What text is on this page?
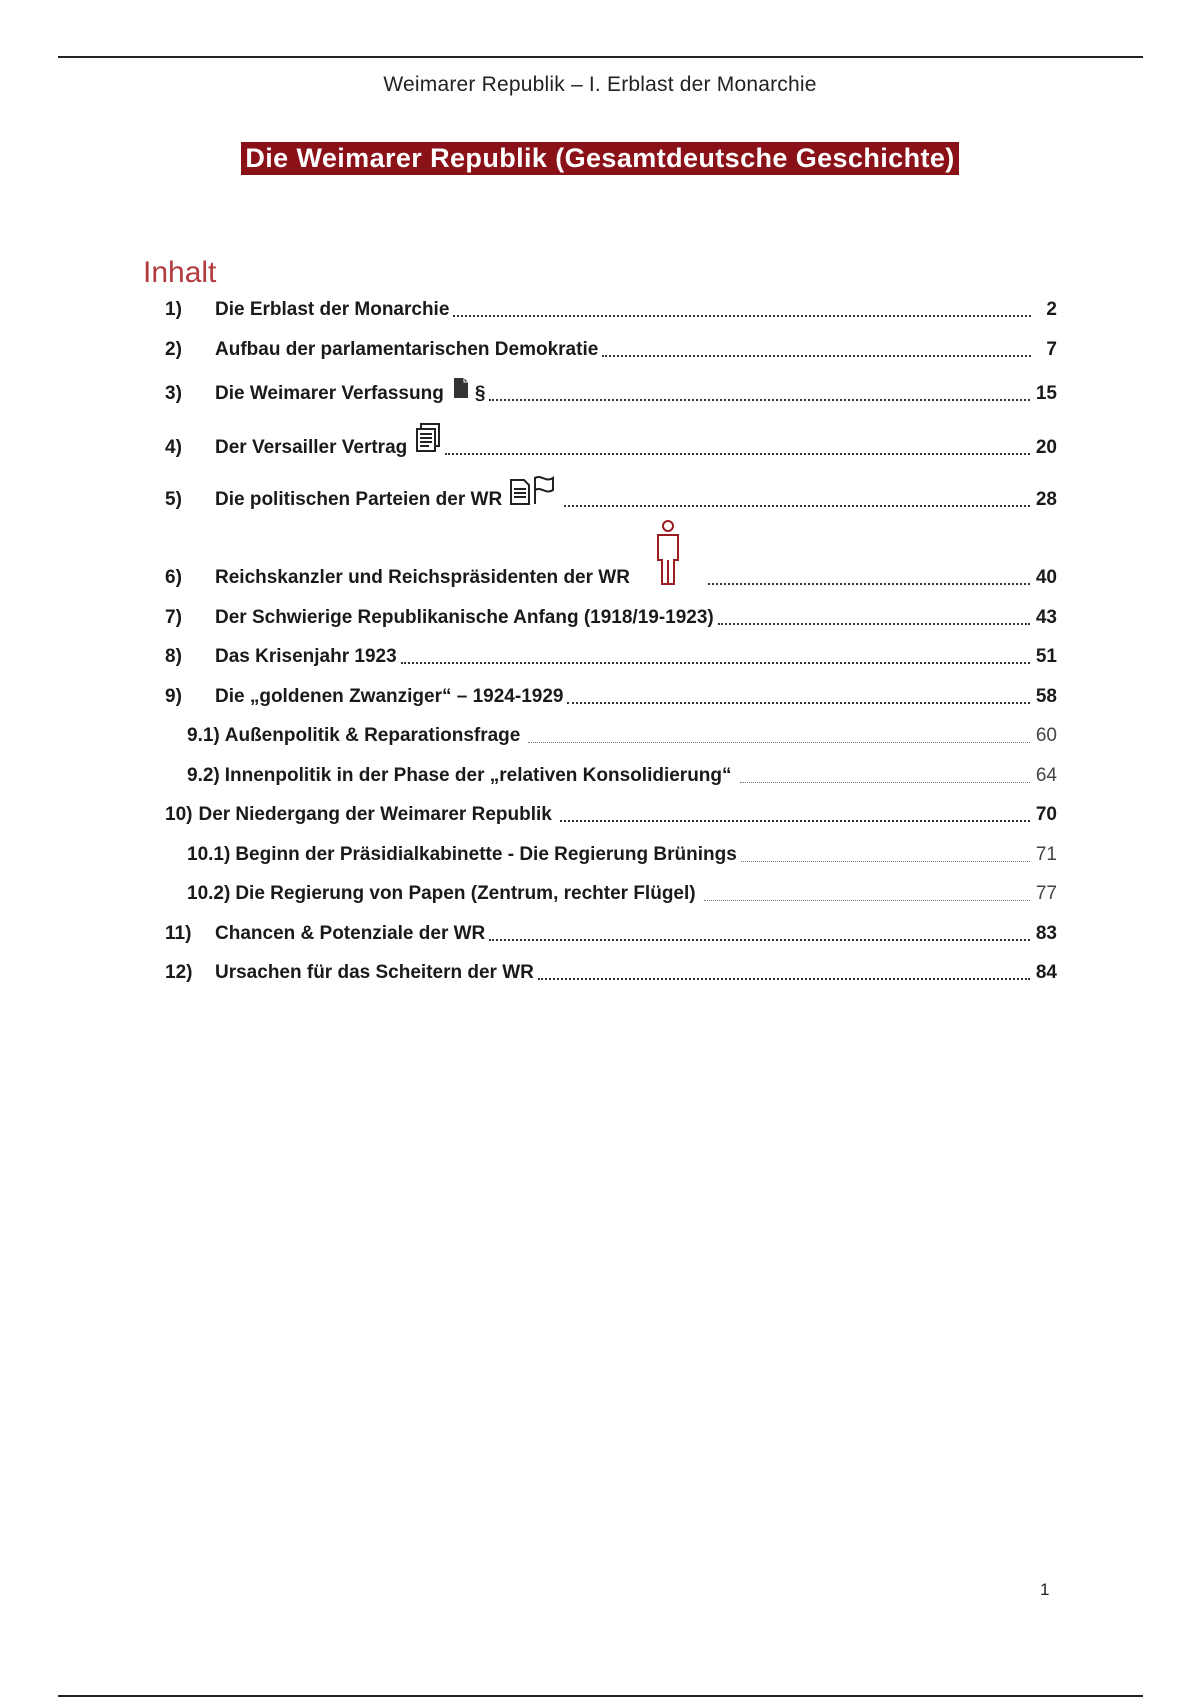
Weimarer Republik – I. Erblast der Monarchie
Die Weimarer Republik (Gesamtdeutsche Geschichte)
Inhalt
1)	Die Erblast der Monarchie	2
2)	Aufbau der parlamentarischen Demokratie	7
3)	Die Weimarer Verfassung §	15
4)	Der Versailler Vertrag	20
5)	Die politischen Parteien der WR	28
6)	Reichskanzler und Reichspräsidenten der WR	40
7)	Der Schwierige Republikanische Anfang (1918/19-1923)	43
8)	Das Krisenjahr 1923	51
9)	Die „goldenen Zwanziger“ – 1924-1929	58
9.1) Außenpolitik & Reparationsfrage	60
9.2) Innenpolitik in der Phase der „relativen Konsolidierung“	64
10) Der Niedergang der Weimarer Republik	70
10.1) Beginn der Präsidialkabinette - Die Regierung Brünings	71
10.2) Die Regierung von Papen (Zentrum, rechter Flügel)	77
11)	Chancen & Potenziale der WR	83
12)	Ursachen für das Scheitern der WR	84
1
